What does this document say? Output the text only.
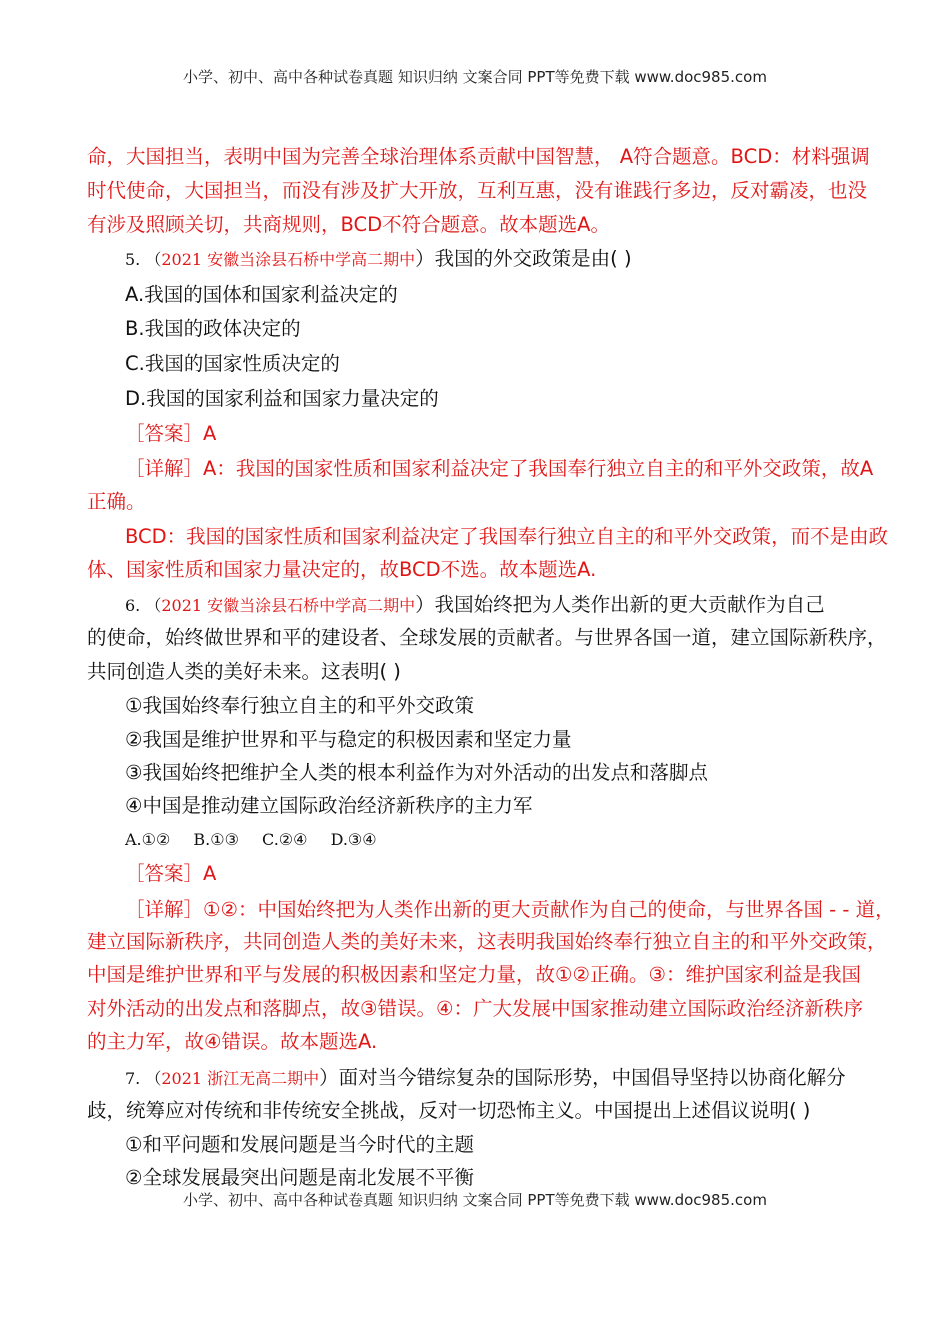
小学、初中、高中各种试卷真题 知识归纳 文案合同 PPT等免费下载 www.doc985.com
命，大国担当，表明中国为完善全球治理体系贡献中国智慧， A符合题意。BCD：材料强调
时代使命，大国担当，而没有涉及扩大开放，互利互惠，没有谁践行多边，反对霸凌，也没
有涉及照顾关切，共商规则，BCD不符合题意。故本题选A。
5. （2021 安徽当涂县石桥中学高二期中）我国的外交政策是由( )
A.我国的国体和国家利益决定的
B.我国的政体决定的
C.我国的国家性质决定的
D.我国的国家利益和国家力量决定的
［答案］A
［详解］A：我国的国家性质和国家利益决定了我国奉行独立自主的和平外交政策，故A
正确。
BCD：我国的国家性质和国家利益决定了我国奉行独立自主的和平外交政策，而不是由政
体、国家性质和国家力量决定的，故BCD不选。故本题选A.
6. （2021 安徽当涂县石桥中学高二期中）我国始终把为人类作出新的更大贡献作为自己
的使命，始终做世界和平的建设者、全球发展的贡献者。与世界各国一道，建立国际新秩序，
共同创造人类的美好未来。这表明( )
①我国始终奉行独立自主的和平外交政策
②我国是维护世界和平与稳定的积极因素和坚定力量
③我国始终把维护全人类的根本利益作为对外活动的出发点和落脚点
④中国是推动建立国际政治经济新秩序的主力军
A.①② B.①③ C.②④ D.③④
［答案］A
［详解］①②：中国始终把为人类作出新的更大贡献作为自己的使命，与世界各国 - - 道，
建立国际新秩序，共同创造人类的美好未来，这表明我国始终奉行独立自主的和平外交政策，
中国是维护世界和平与发展的积极因素和坚定力量，故①②正确。③：维护国家利益是我国
对外活动的出发点和落脚点，故③错误。④：广大发展中国家推动建立国际政治经济新秩序
的主力军，故④错误。故本题选A.
7. （2021 浙江无高二期中）面对当今错综复杂的国际形势，中国倡导坚持以协商化解分
歧，统筹应对传统和非传统安全挑战，反对一切恐怖主义。中国提出上述倡议说明( )
①和平问题和发展问题是当今时代的主题
②全球发展最突出问题是南北发展不平衡
小学、初中、高中各种试卷真题 知识归纳 文案合同 PPT等免费下载 www.doc985.com
